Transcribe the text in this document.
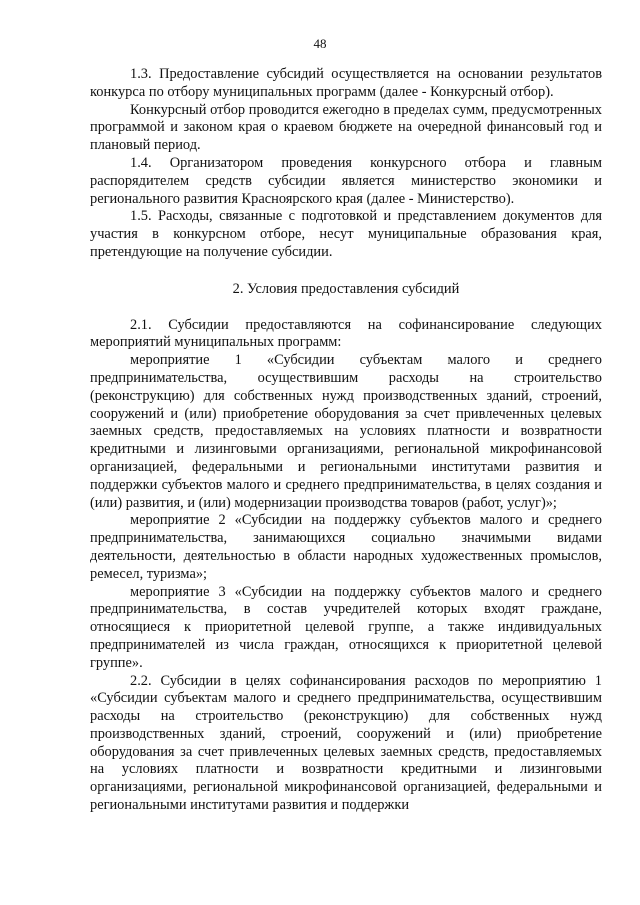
48

1.3. Предоставление субсидий осуществляется на основании результатов конкурса по отбору муниципальных программ (далее - Конкурсный отбор).

Конкурсный отбор проводится ежегодно в пределах сумм, предусмотренных программой и законом края о краевом бюджете на очередной финансовый год и плановый период.

1.4. Организатором проведения конкурсного отбора и главным распорядителем средств субсидии является министерство экономики и регионального развития Красноярского края (далее - Министерство).

1.5. Расходы, связанные с подготовкой и представлением документов для участия в конкурсном отборе, несут муниципальные образования края, претендующие на получение субсидии.

2. Условия предоставления субсидий

2.1. Субсидии предоставляются на софинансирование следующих мероприятий муниципальных программ:

мероприятие 1 «Субсидии субъектам малого и среднего предпринимательства, осуществившим расходы на строительство (реконструкцию) для собственных нужд производственных зданий, строений, сооружений и (или) приобретение оборудования за счет привлеченных целевых заемных средств, предоставляемых на условиях платности и возвратности кредитными и лизинговыми организациями, региональной микрофинансовой организацией, федеральными и региональными институтами развития и поддержки субъектов малого и среднего предпринимательства, в целях создания и (или) развития, и (или) модернизации производства товаров (работ, услуг)»;

мероприятие 2 «Субсидии на поддержку субъектов малого и среднего предпринимательства, занимающихся социально значимыми видами деятельности, деятельностью в области народных художественных промыслов, ремесел, туризма»;

мероприятие 3 «Субсидии на поддержку субъектов малого и среднего предпринимательства, в состав учредителей которых входят граждане, относящиеся к приоритетной целевой группе, а также индивидуальных предпринимателей из числа граждан, относящихся к приоритетной целевой группе».

2.2. Субсидии в целях софинансирования расходов по мероприятию 1 «Субсидии субъектам малого и среднего предпринимательства, осуществившим расходы на строительство (реконструкцию) для собственных нужд производственных зданий, строений, сооружений и (или) приобретение оборудования за счет привлеченных целевых заемных средств, предоставляемых на условиях платности и возвратности кредитными и лизинговыми организациями, региональной микрофинансовой организацией, федеральными и региональными институтами развития и поддержки
